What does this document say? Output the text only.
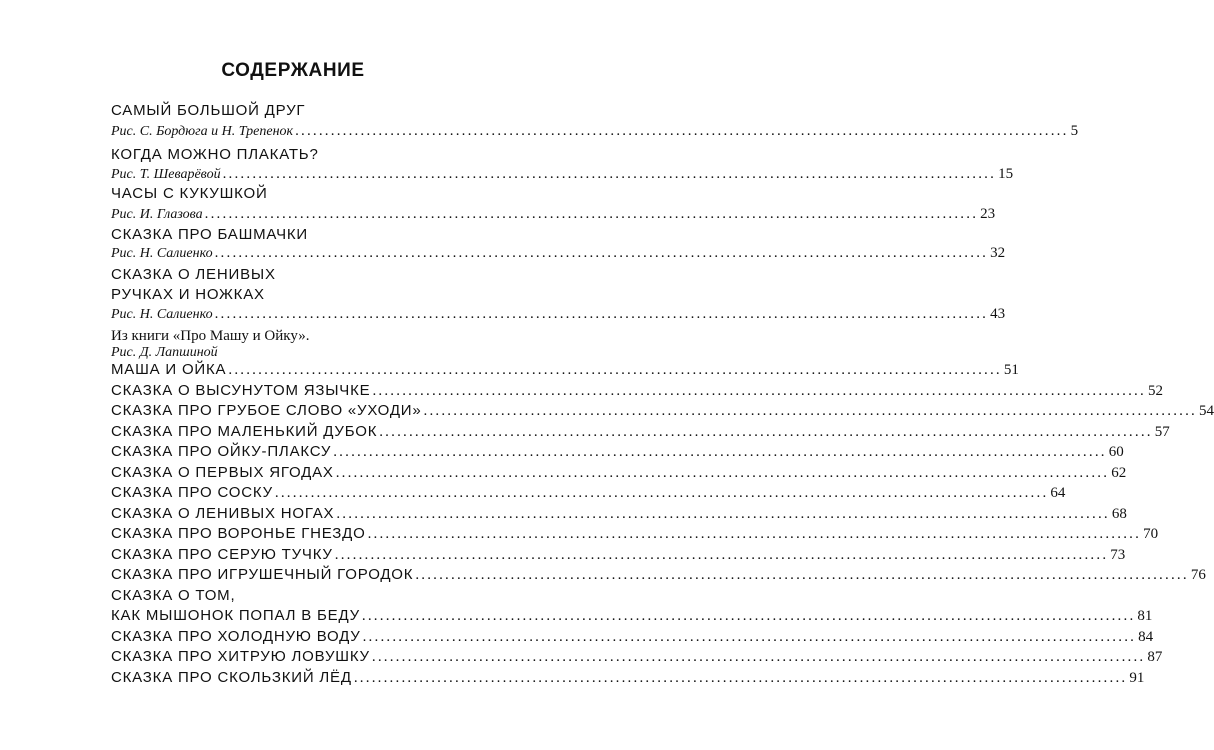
СОДЕРЖАНИЕ
САМЫЙ БОЛЬШОЙ ДРУГ
Рис. С. Бордюга и Н. Трепенок .....	5
КОГДА МОЖНО ПЛАКАТЬ?
Рис. Т. Шеварёвой .....	15
ЧАСЫ С КУКУШКОЙ
Рис. И. Глазова .....	23
СКАЗКА ПРО БАШМАЧКИ
Рис. Н. Салиенко .....	32
СКАЗКА О ЛЕНИВЫХ
РУЧКАХ И НОЖКАХ
Рис. Н. Салиенко .....	43
Из книги «Про Машу и Ойку».
Рис. Д. Лапшиной
МАША И ОЙКА .....	51
СКАЗКА О ВЫСУНУТОМ ЯЗЫЧКЕ .....	52
СКАЗКА ПРО ГРУБОЕ СЛОВО «УХОДИ» .....	54
СКАЗКА ПРО МАЛЕНЬКИЙ ДУБОК .....	57
СКАЗКА ПРО ОЙКУ-ПЛАКСУ .....	60
СКАЗКА О ПЕРВЫХ ЯГОДАХ .....	62
СКАЗКА ПРО СОСКУ .....	64
СКАЗКА О ЛЕНИВЫХ НОГАХ .....	68
СКАЗКА ПРО ВОРОНЬЕ ГНЕЗДО .....	70
СКАЗКА ПРО СЕРУЮ ТУЧКУ .....	73
СКАЗКА ПРО ИГРУШЕЧНЫЙ ГОРОДОК .....	76
СКАЗКА О ТОМ,
КАК МЫШОНОК ПОПАЛ В БЕДУ .....	81
СКАЗКА ПРО ХОЛОДНУЮ ВОДУ .....	84
СКАЗКА ПРО ХИТРУЮ ЛОВУШКУ .....	87
СКАЗКА ПРО СКОЛЬЗКИЙ ЛЁД .....	91
